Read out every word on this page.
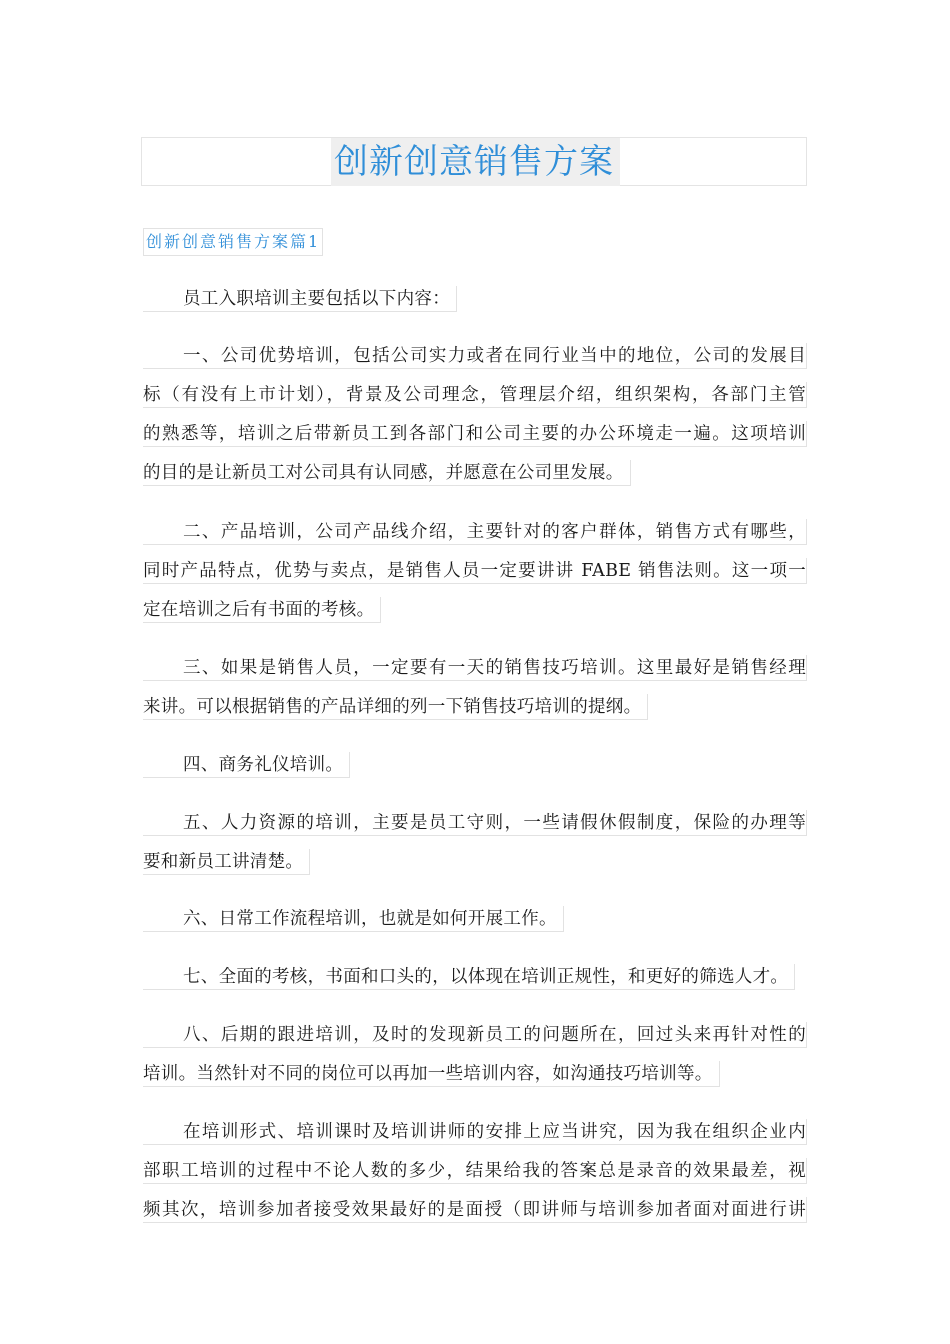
创新创意销售方案
创新创意销售方案篇1
员工入职培训主要包括以下内容：
一、公司优势培训，包括公司实力或者在同行业当中的地位，公司的发展目
标（有没有上市计划），背景及公司理念，管理层介绍，组织架构，各部门主管
的熟悉等，培训之后带新员工到各部门和公司主要的办公环境走一遍。这项培训
的目的是让新员工对公司具有认同感，并愿意在公司里发展。
二、产品培训，公司产品线介绍，主要针对的客户群体，销售方式有哪些，
同时产品特点，优势与卖点，是销售人员一定要讲讲 FABE 销售法则。这一项一
定在培训之后有书面的考核。
三、如果是销售人员，一定要有一天的销售技巧培训。这里最好是销售经理
来讲。可以根据销售的产品详细的列一下销售技巧培训的提纲。
四、商务礼仪培训。
五、人力资源的培训，主要是员工守则，一些请假休假制度，保险的办理等
要和新员工讲清楚。
六、日常工作流程培训，也就是如何开展工作。
七、全面的考核，书面和口头的，以体现在培训正规性，和更好的筛选人才。
八、后期的跟进培训，及时的发现新员工的问题所在，回过头来再针对性的
培训。当然针对不同的岗位可以再加一些培训内容，如沟通技巧培训等。
在培训形式、培训课时及培训讲师的安排上应当讲究，因为我在组织企业内
部职工培训的过程中不论人数的多少，结果给我的答案总是录音的效果最差，视
频其次，培训参加者接受效果最好的是面授（即讲师与培训参加者面对面进行讲
